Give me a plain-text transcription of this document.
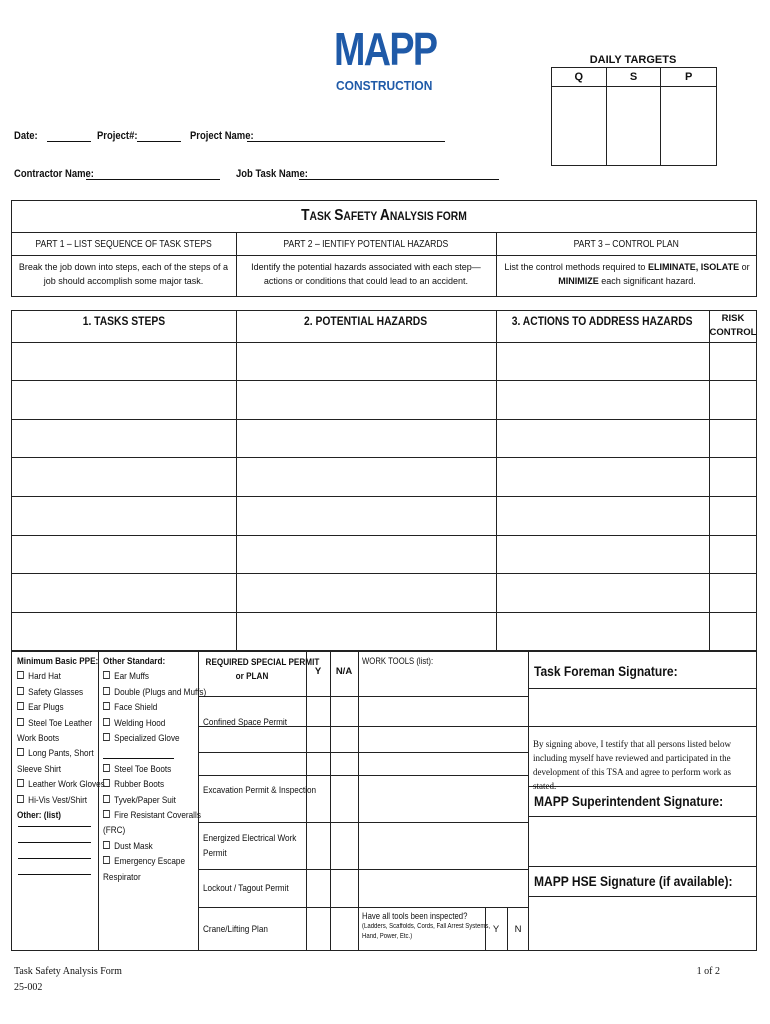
MAPP
CONSTRUCTION
DAILY TARGETS
Q	S	P
Date:	Project#:	Project Name:
Contractor Name:	Job Task Name:
TASK SAFETY ANALYSIS FORM
PART 1 – LIST SEQUENCE OF TASK STEPS	PART 2 – IENTIFY POTENTIAL HAZARDS	PART 3 – CONTROL PLAN
Break the job down into steps, each of the steps of a job should accomplish some major task.
Identify the potential hazards associated with each step—actions or conditions that could lead to an accident.
List the control methods required to ELIMINATE, ISOLATE or MINIMIZE each significant hazard.
1. TASKS STEPS	2. POTENTIAL HAZARDS	3. ACTIONS TO ADDRESS HAZARDS	RISK
CONTROL
Minimum Basic PPE:
Hard Hat
Safety Glasses
Ear Plugs
Steel Toe Leather
Work Boots
Long Pants, Short
Sleeve Shirt
Leather Work Gloves
Hi-Vis Vest/Shirt
Other: (list)
Other Standard:
Ear Muffs
Double (Plugs and Muffs)
Face Shield
Welding Hood
Specialized Glove
Steel Toe Boots
Rubber Boots
Tyvek/Paper Suit
Fire Resistant Coveralls
(FRC)
Dust Mask
Emergency Escape
Respirator
REQUIRED SPECIAL PERMIT
or PLAN	Y	N/A
Confined Space Permit
Excavation Permit & Inspection
Energized Electrical Work
Permit
Lockout / Tagout Permit
Crane/Lifting Plan
WORK TOOLS (list):
Have all tools been inspected?
(Ladders, Scaffolds, Cords, Fall Arrest Systems,
Hand, Power, Etc.)
Y	N
Task Foreman Signature:
By signing above, I testify that all persons listed below including myself have reviewed and participated in the development of this TSA and agree to perform work as stated.
MAPP Superintendent Signature:
MAPP HSE Signature (if available):
Task Safety Analysis Form
25-002
1 of 2
